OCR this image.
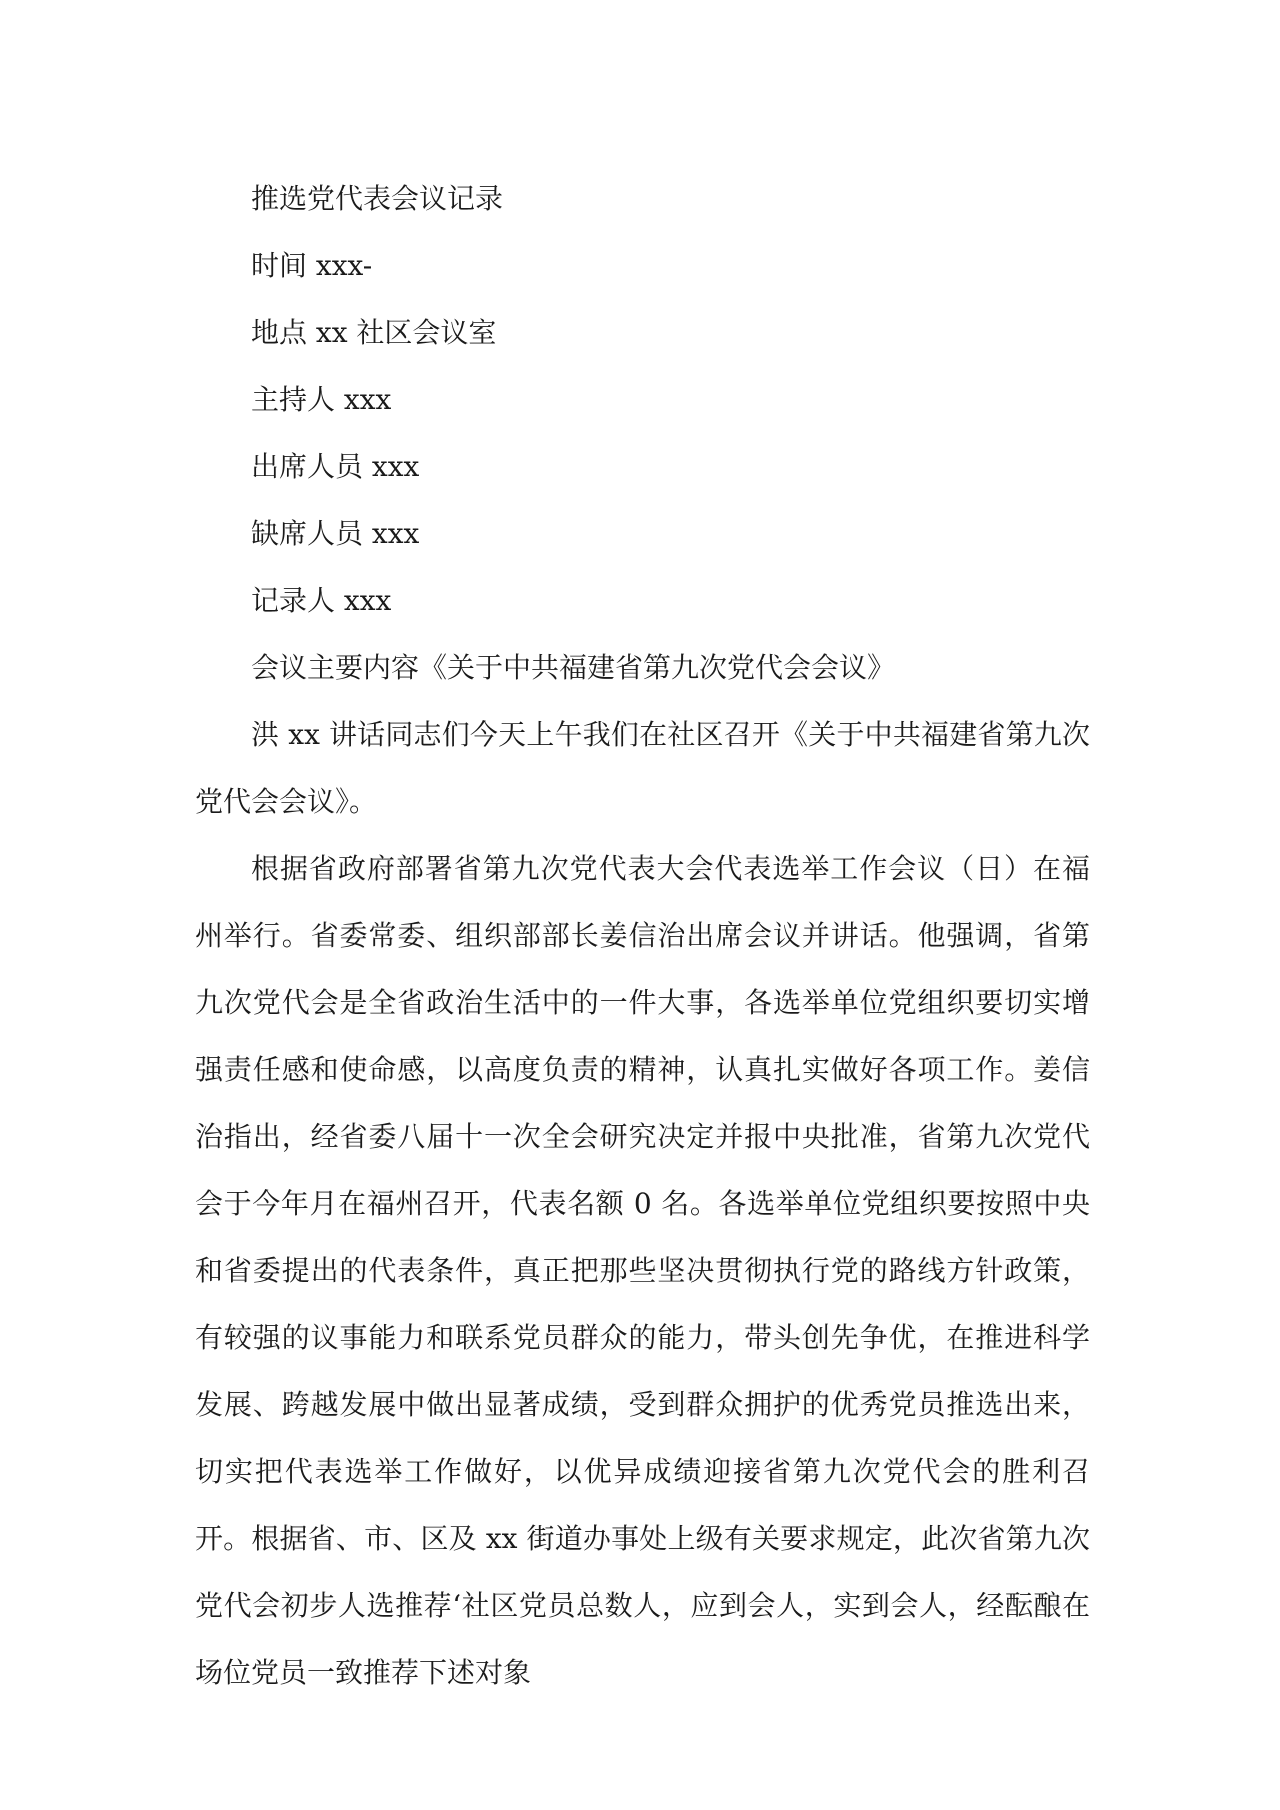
推选党代表会议记录

时间 xxx-

地点 xx 社区会议室

主持人 xxx

出席人员 xxx

缺席人员 xxx

记录人 xxx

会议主要内容《关于中共福建省第九次党代会会议》

洪 xx 讲话同志们今天上午我们在社区召开《关于中共福建省第九次党代会会议》。

根据省政府部署省第九次党代表大会代表选举工作会议（日）在福州举行。省委常委、组织部部长姜信治出席会议并讲话。他强调，省第九次党代会是全省政治生活中的一件大事，各选举单位党组织要切实增强责任感和使命感，以高度负责的精神，认真扎实做好各项工作。姜信治指出，经省委八届十一次全会研究决定并报中央批准，省第九次党代会于今年月在福州召开，代表名额 0 名。各选举单位党组织要按照中央和省委提出的代表条件，真正把那些坚决贯彻执行党的路线方针政策，有较强的议事能力和联系党员群众的能力，带头创先争优，在推进科学发展、跨越发展中做出显著成绩，受到群众拥护的优秀党员推选出来，切实把代表选举工作做好，以优异成绩迎接省第九次党代会的胜利召开。根据省、市、区及 xx 街道办事处上级有关要求规定，此次省第九次党代会初步人选推荐‘社区党员总数人，应到会人，实到会人，经酝酿在场位党员一致推荐下述对象
